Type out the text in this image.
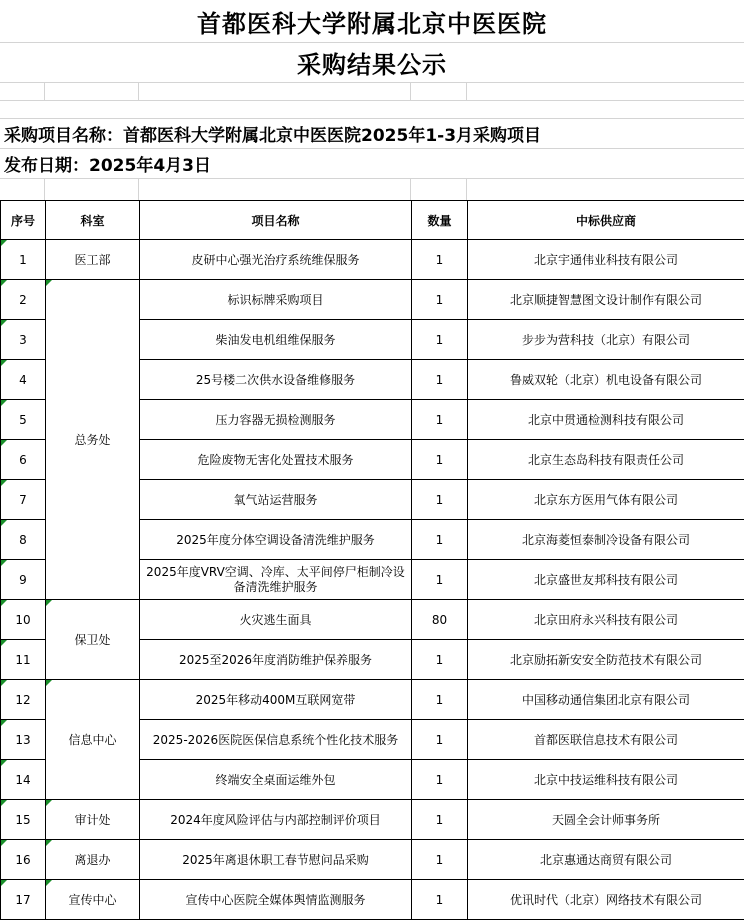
首都医科大学附属北京中医医院
采购结果公示
采购项目名称：首都医科大学附属北京中医医院2025年1-3月采购项目
发布日期：2025年4月3日
序号	科室	项目名称	数量	中标供应商

1	医工部	皮研中心强光治疗系统维保服务	1	北京宇通伟业科技有限公司

2	总务处	标识标牌采购项目	1	北京顺捷智慧图文设计制作有限公司

3		柴油发电机组维保服务	1	步步为营科技（北京）有限公司

4		25号楼二次供水设备维修服务	1	鲁威双轮（北京）机电设备有限公司

5		压力容器无损检测服务	1	北京中贯通检测科技有限公司

6		危险废物无害化处置技术服务	1	北京生态岛科技有限责任公司

7		氧气站运营服务	1	北京东方医用气体有限公司

8		2025年度分体空调设备清洗维护服务	1	北京海菱恒泰制冷设备有限公司

9		2025年度VRV空调、冷库、太平间停尸柜制冷设备清洗维护服务	1	北京盛世友邦科技有限公司

10	保卫处	火灾逃生面具	80	北京田府永兴科技有限公司

11		2025至2026年度消防维护保养服务	1	北京励拓新安安全防范技术有限公司

12	信息中心	2025年移动400M互联网宽带	1	中国移动通信集团北京有限公司

13		2025-2026医院医保信息系统个性化技术服务	1	首都医联信息技术有限公司

14		终端安全桌面运维外包	1	北京中技运维科技有限公司

15	审计处	2024年度风险评估与内部控制评价项目	1	天圆全会计师事务所

16	离退办	2025年离退休职工春节慰问品采购	1	北京惠通达商贸有限公司

17	宣传中心	宣传中心医院全媒体舆情监测服务	1	优讯时代（北京）网络技术有限公司
